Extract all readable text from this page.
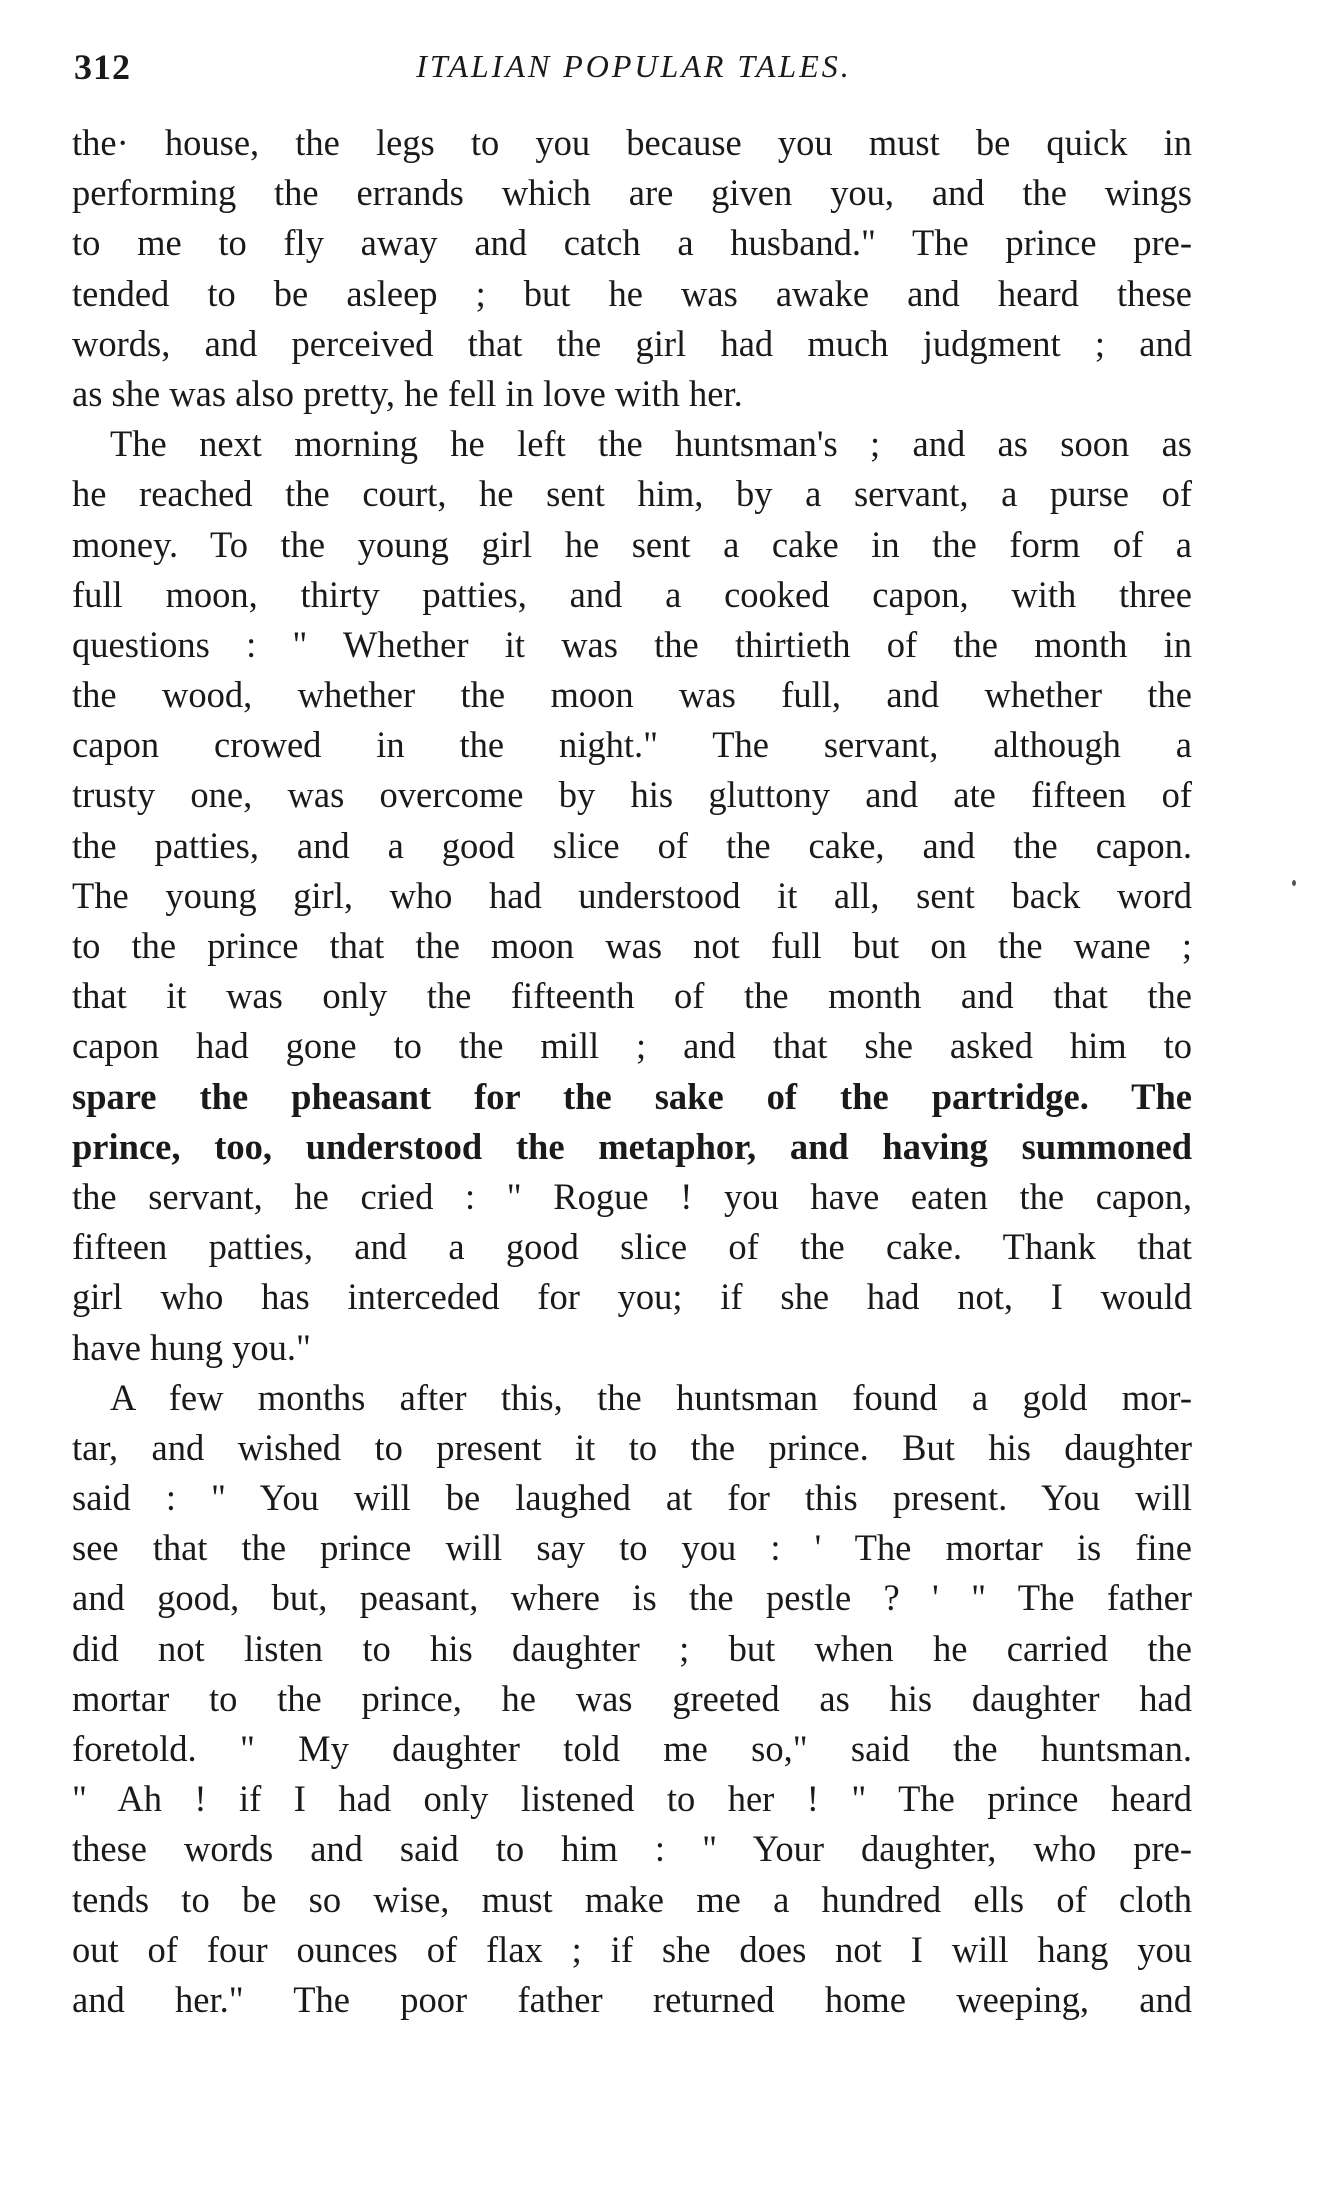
312	ITALIAN POPULAR TALES.
the· house, the legs to you because you must be quick in
performing the errands which are given you, and the wings
to me to fly away and catch a husband." The prince pre-
tended to be asleep ; but he was awake and heard these
words, and perceived that the girl had much judgment ; and
as she was also pretty, he fell in love with her.
The next morning he left the huntsman's ; and as soon as
he reached the court, he sent him, by a servant, a purse of
money. To the young girl he sent a cake in the form of a
full moon, thirty patties, and a cooked capon, with three
questions : " Whether it was the thirtieth of the month in
the wood, whether the moon was full, and whether the
capon crowed in the night." The servant, although a
trusty one, was overcome by his gluttony and ate fifteen of
the patties, and a good slice of the cake, and the capon.
The young girl, who had understood it all, sent back word
to the prince that the moon was not full but on the wane ;
that it was only the fifteenth of the month and that the
capon had gone to the mill ; and that she asked him to
spare the pheasant for the sake of the partridge. The
prince, too, understood the metaphor, and having summoned
the servant, he cried : " Rogue ! you have eaten the capon,
fifteen patties, and a good slice of the cake. Thank that
girl who has interceded for you; if she had not, I would
have hung you."
A few months after this, the huntsman found a gold mor-
tar, and wished to present it to the prince. But his daughter
said : " You will be laughed at for this present. You will
see that the prince will say to you : ' The mortar is fine
and good, but, peasant, where is the pestle ? ' " The father
did not listen to his daughter ; but when he carried the
mortar to the prince, he was greeted as his daughter had
foretold. " My daughter told me so," said the huntsman.
" Ah ! if I had only listened to her ! " The prince heard
these words and said to him : " Your daughter, who pre-
tends to be so wise, must make me a hundred ells of cloth
out of four ounces of flax ; if she does not I will hang you
and her." The poor father returned home weeping, and
